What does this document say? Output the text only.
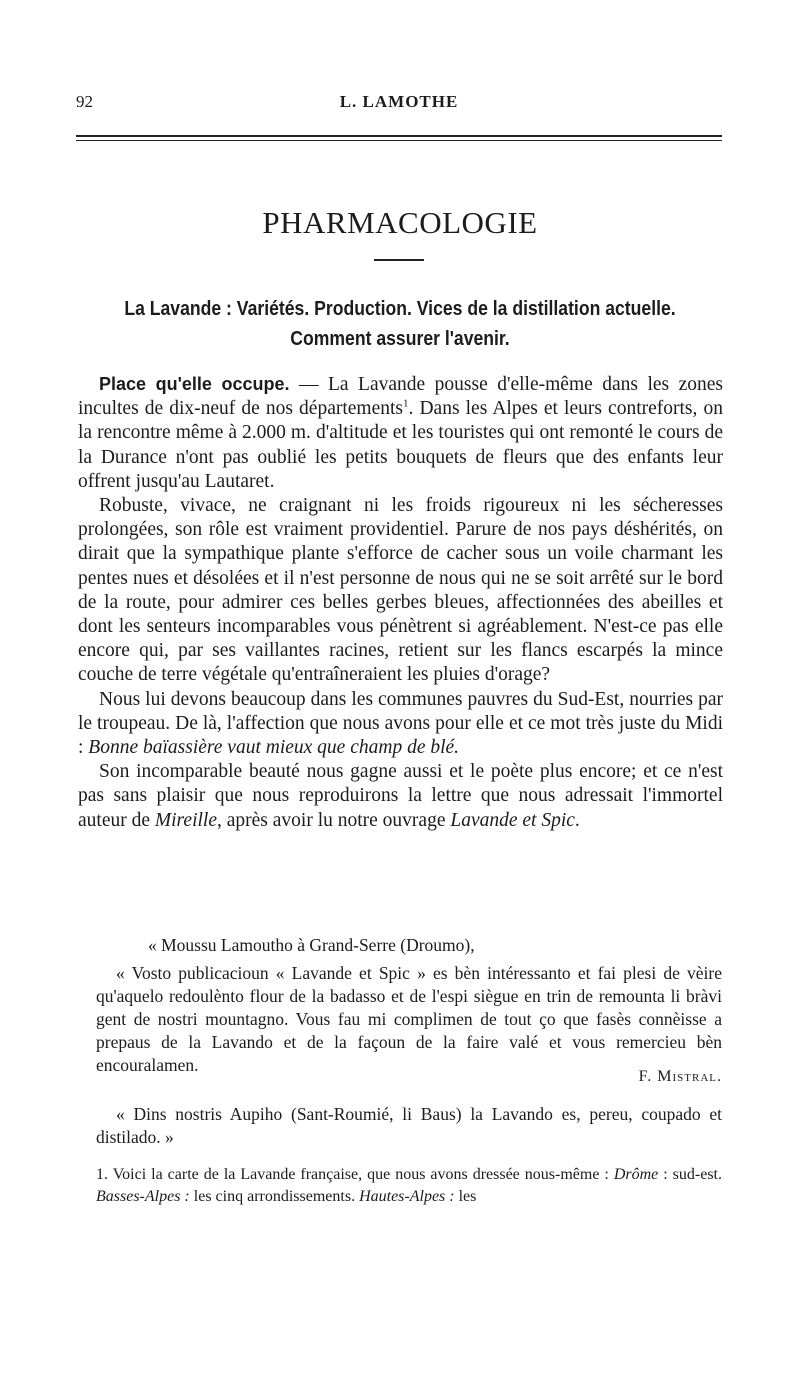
92	L. LAMOTHE
PHARMACOLOGIE
La Lavande : Variétés. Production. Vices de la distillation actuelle.
Comment assurer l'avenir.

Place qu'elle occupe. — La Lavande pousse d'elle-même dans les zones incultes de dix-neuf de nos départements$^1$. Dans les Alpes et leurs contreforts, on la rencontre même à 2.000 m. d'altitude et les touristes qui ont remonté le cours de la Durance n'ont pas oublié les petits bouquets de fleurs que des enfants leur offrent jusqu'au Lautaret.

Robuste, vivace, ne craignant ni les froids rigoureux ni les sécheresses prolongées, son rôle est vraiment providentiel. Parure de nos pays déshérités, on dirait que la sympathique plante s'efforce de cacher sous un voile charmant les pentes nues et désolées et il n'est personne de nous qui ne se soit arrêté sur le bord de la route, pour admirer ces belles gerbes bleues, affectionnées des abeilles et dont les senteurs incomparables vous pénètrent si agréablement. N'est-ce pas elle encore qui, par ses vaillantes racines, retient sur les flancs escarpés la mince couche de terre végétale qu'entraîneraient les pluies d'orage?

Nous lui devons beaucoup dans les communes pauvres du Sud-Est, nourries par le troupeau. De là, l'affection que nous avons pour elle et ce mot très juste du Midi : Bonne baïassière vaut mieux que champ de blé.

Son incomparable beauté nous gagne aussi et le poète plus encore; et ce n'est pas sans plaisir que nous reproduirons la lettre que nous adressait l'immortel auteur de Mireille, après avoir lu notre ouvrage Lavande et Spic.

« Moussu Lamoutho à Grand-Serre (Droumo),

« Vosto publicacioun « Lavande et Spic » es bèn intéressanto et fai plesi de vèire qu'aquelo redoulènto flour de la badasso et de l'espi siègue en trin de remounta li bràvi gent de nostri mountagno. Vous fau mi complimen de tout ço que fasès connèisse a prepaus de la Lavando et de la façoun de la faire valé et vous remercieu bèn encouralamen.

F. Mistral.

« Dins nostris Aupiho (Sant-Roumié, li Baus) la Lavando es, pereu, coupado et distilado. »

1. Voici la carte de la Lavande française, que nous avons dressée nous-même : Drôme : sud-est. Basses-Alpes : les cinq arrondissements. Hautes-Alpes : les
